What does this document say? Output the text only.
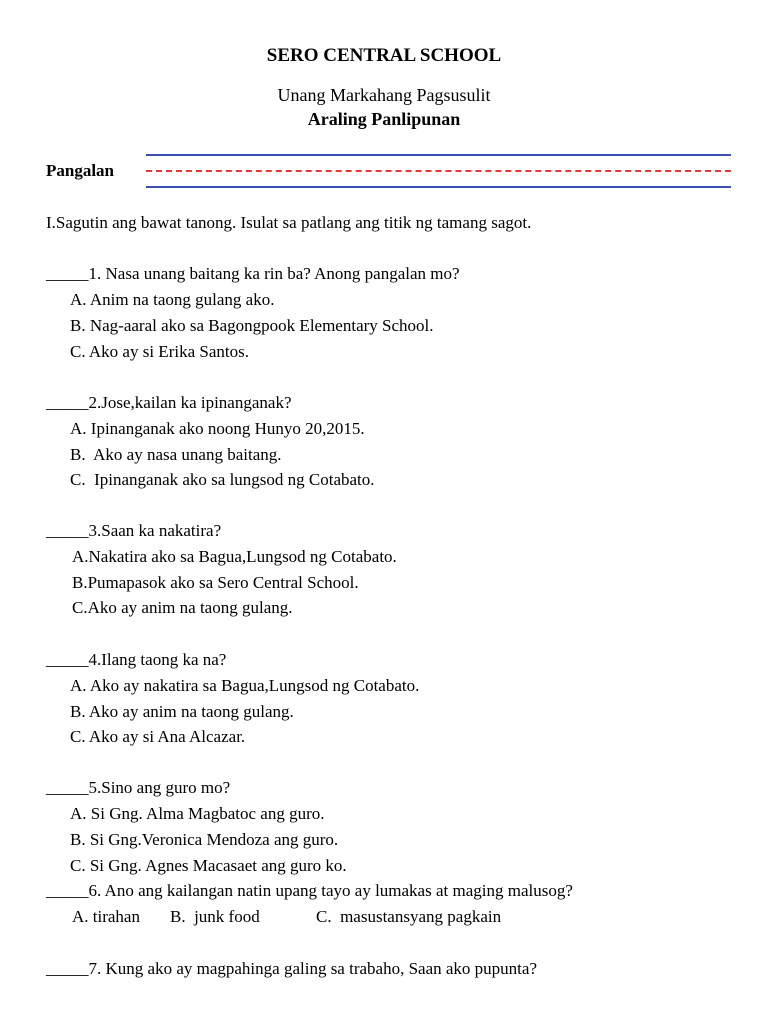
SERO CENTRAL SCHOOL
Unang Markahang Pagsusulit
Araling Panlipunan
Pangalan
I.Sagutin ang bawat tanong. Isulat sa patlang ang titik ng tamang sagot.
_____1. Nasa unang baitang ka rin ba? Anong pangalan mo?
A. Anim na taong gulang ako.
B. Nag-aaral ako sa Bagongpook Elementary School.
C. Ako ay si Erika Santos.
_____2.Jose,kailan ka ipinanganak?
A. Ipinanganak ako noong Hunyo 20,2015.
B.  Ako ay nasa unang baitang.
C.  Ipinanganak ako sa lungsod ng Cotabato.
_____3.Saan ka nakatira?
A.Nakatira ako sa Bagua,Lungsod ng Cotabato.
B.Pumapasok ako sa Sero Central School.
C.Ako ay anim na taong gulang.
_____4.Ilang taong ka na?
A. Ako ay nakatira sa Bagua,Lungsod ng Cotabato.
B. Ako ay anim na taong gulang.
C. Ako ay si Ana Alcazar.
_____5.Sino ang guro mo?
A. Si Gng. Alma Magbatoc ang guro.
B. Si Gng.Veronica Mendoza ang guro.
C. Si Gng. Agnes Macasaet ang guro ko.
_____6. Ano ang kailangan natin upang tayo ay lumakas at maging malusog?
A. tirahan B.  junk food	C.  masustansyang pagkain
_____7. Kung ako ay magpahinga galing sa trabaho, Saan ako pupunta?
